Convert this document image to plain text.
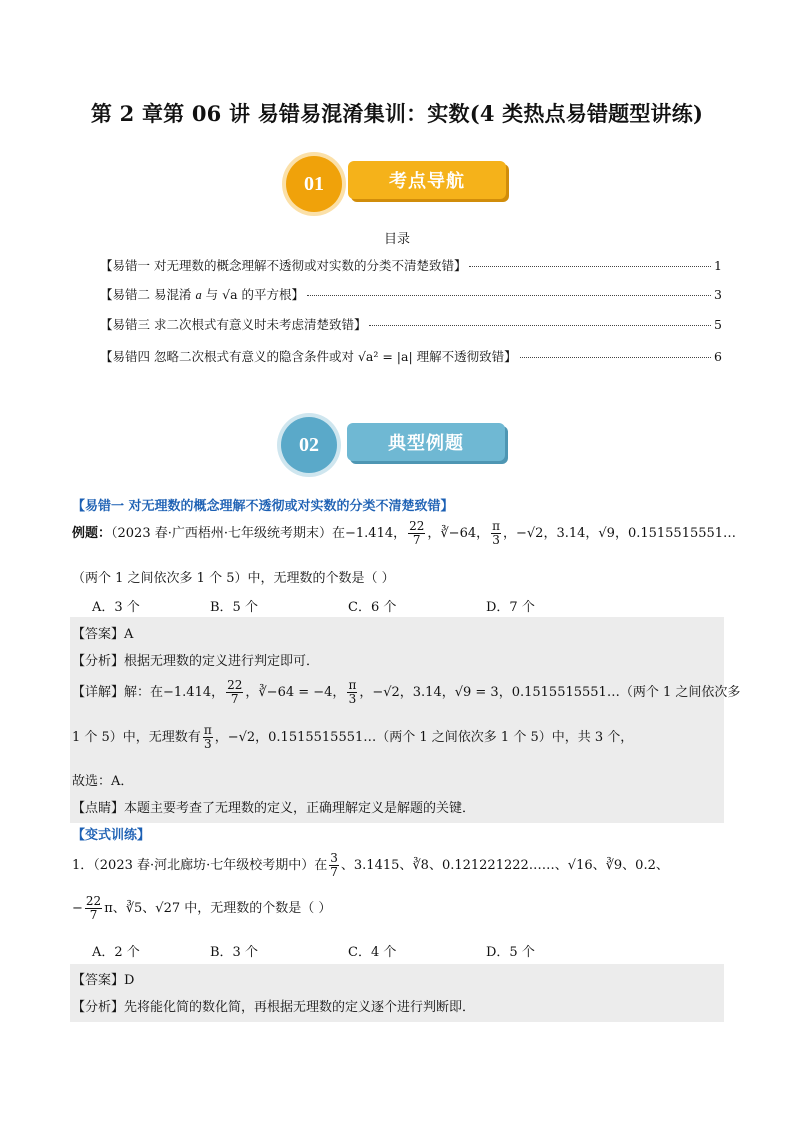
第 2 章第 06 讲 易错易混淆集训：实数(4 类热点易错题型讲练)
01	考点导航
目录
【易错一 对无理数的概念理解不透彻或对实数的分类不清楚致错】	1
【易错二 易混淆 a 与 √a 的平方根】	3
【易错三 求二次根式有意义时未考虑清楚致错】	5
【易错四 忽略二次根式有意义的隐含条件或对 √a² = |a| 理解不透彻致错】	6
02	典型例题
【易错一 对无理数的概念理解不透彻或对实数的分类不清楚致错】
例题：（2023 春·广西梧州·七年级统考期末）在−1.414， $\frac{22}{7}$ ，∛−64， $\frac{\pi}{3}$ ，−√2，3.14，√9，0.1515515551…
（两个 1 之间依次多 1 个 5）中，无理数的个数是（ ）
A．3 个	B．5 个	C．6 个	D．7 个
【答案】A
【分析】根据无理数的定义进行判定即可．
【详解】解：在−1.414， $\frac{22}{7}$ ，∛−64 = −4， $\frac{\pi}{3}$ ，−√2，3.14，√9 = 3，0.1515515551…（两个 1 之间依次多
1 个 5）中，无理数有 $\frac{\pi}{3}$ ，−√2，0.1515515551…（两个 1 之间依次多 1 个 5）中，共 3 个，
故选：A．
【点睛】本题主要考查了无理数的定义，正确理解定义是解题的关键．
【变式训练】
1．（2023 春·河北廊坊·七年级校考期中）在 $\frac{3}{7}$ 、3.1415、∛8、0.121221222……、√16、∛9、0.2、
− $\frac{22}{7}$ π、∛5、√27 中，无理数的个数是（ ）
A．2 个	B．3 个	C．4 个	D．5 个
【答案】D
【分析】先将能化简的数化简，再根据无理数的定义逐个进行判断即．
